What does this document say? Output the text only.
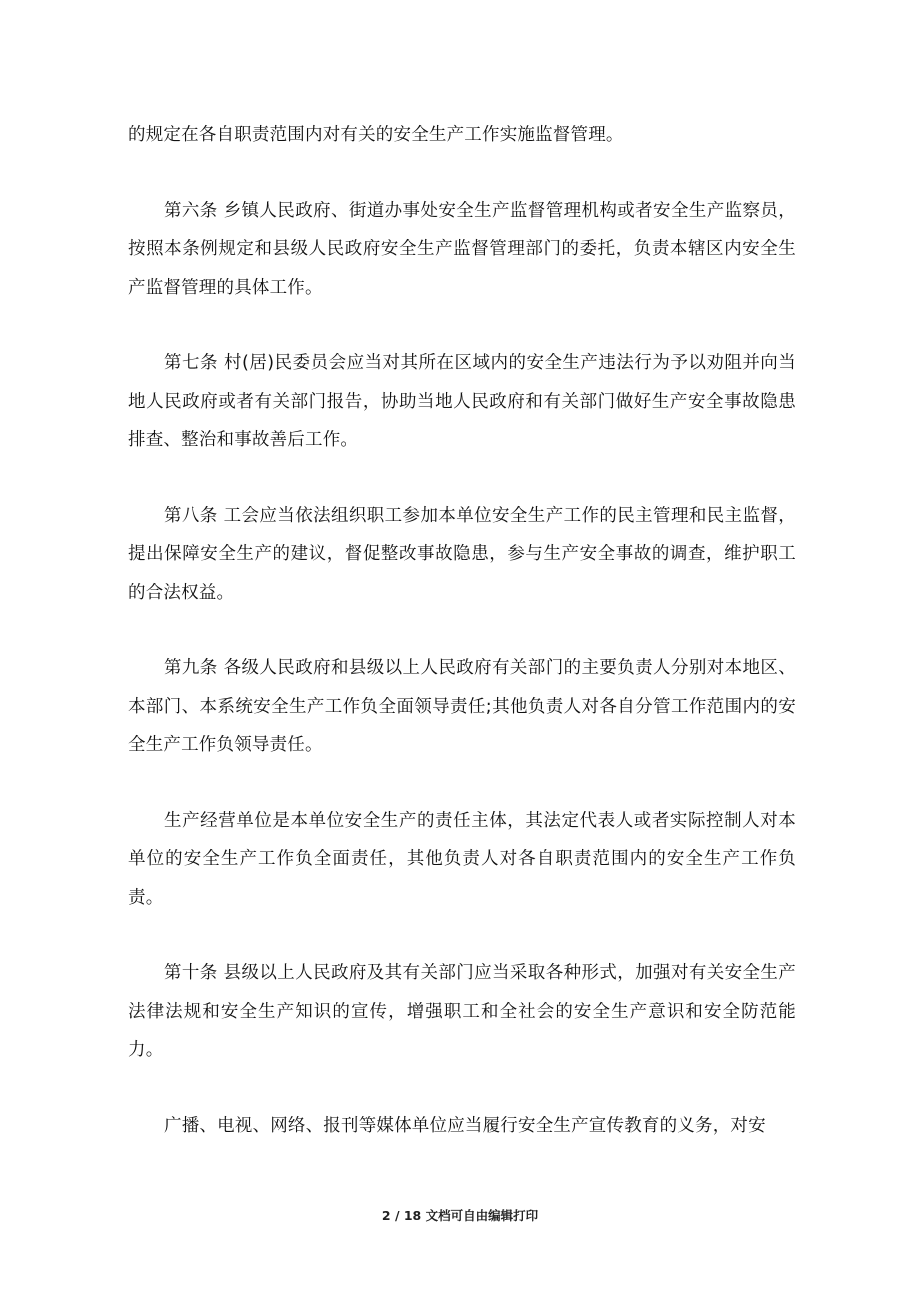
的规定在各自职责范围内对有关的安全生产工作实施监督管理。

第六条 乡镇人民政府、街道办事处安全生产监督管理机构或者安全生产监察员，按照本条例规定和县级人民政府安全生产监督管理部门的委托，负责本辖区内安全生产监督管理的具体工作。

第七条 村(居)民委员会应当对其所在区域内的安全生产违法行为予以劝阻并向当地人民政府或者有关部门报告，协助当地人民政府和有关部门做好生产安全事故隐患排查、整治和事故善后工作。

第八条 工会应当依法组织职工参加本单位安全生产工作的民主管理和民主监督，提出保障安全生产的建议，督促整改事故隐患，参与生产安全事故的调查，维护职工的合法权益。

第九条 各级人民政府和县级以上人民政府有关部门的主要负责人分别对本地区、本部门、本系统安全生产工作负全面领导责任;其他负责人对各自分管工作范围内的安全生产工作负领导责任。

生产经营单位是本单位安全生产的责任主体，其法定代表人或者实际控制人对本单位的安全生产工作负全面责任，其他负责人对各自职责范围内的安全生产工作负责。

第十条 县级以上人民政府及其有关部门应当采取各种形式，加强对有关安全生产法律法规和安全生产知识的宣传，增强职工和全社会的安全生产意识和安全防范能力。

广播、电视、网络、报刊等媒体单位应当履行安全生产宣传教育的义务，对安

2 / 18 文档可自由编辑打印
